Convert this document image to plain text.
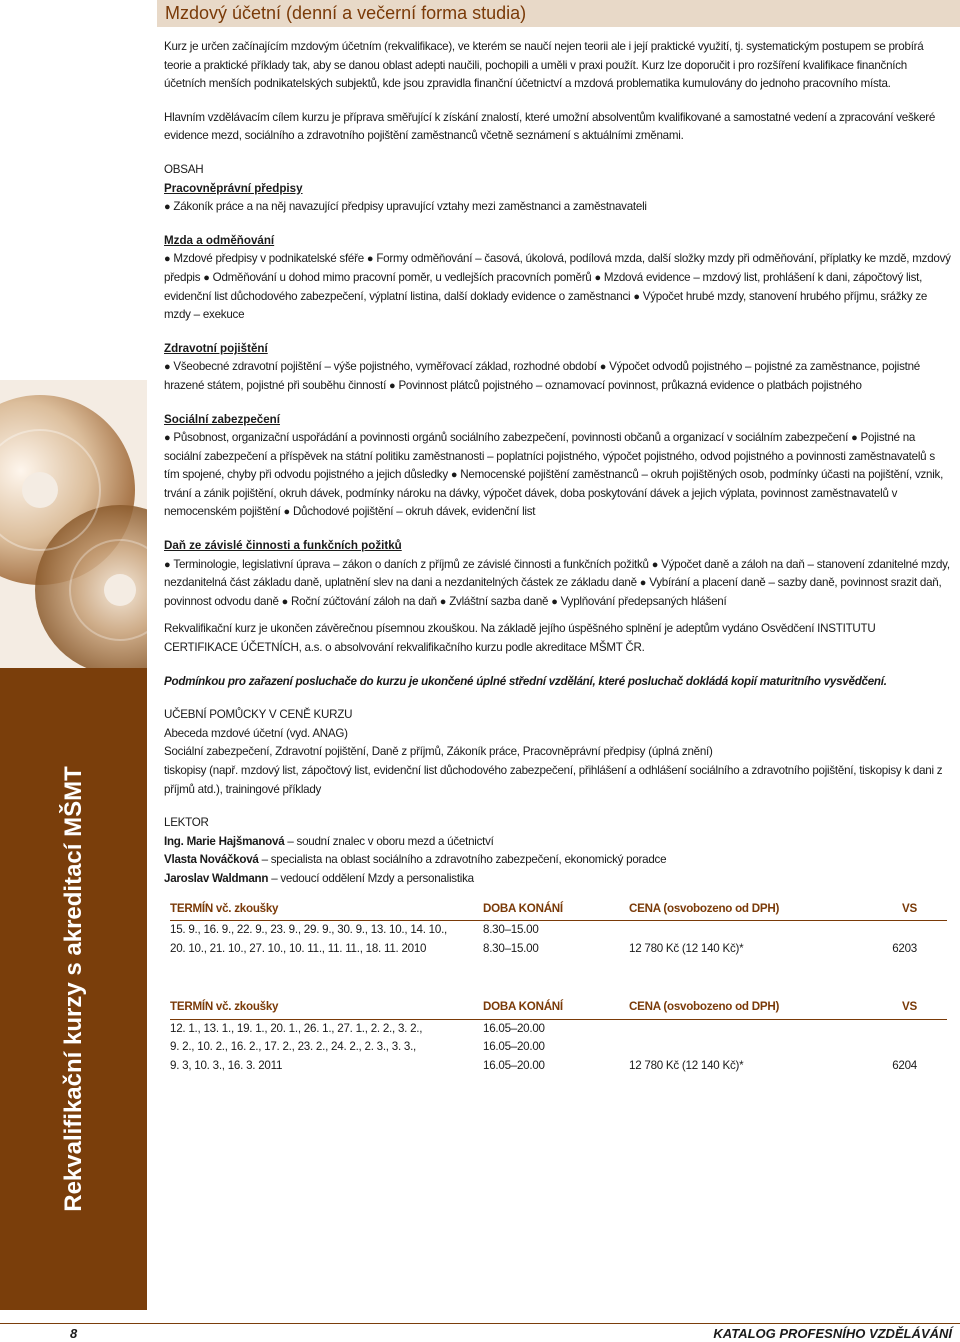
Mzdový účetní (denní a večerní forma studia)
Rekvalifikační kurzy s akreditací MŠMT

Kurz je určen začínajícím mzdovým účetním (rekvalifikace), ve kterém se naučí nejen teorii ale i její praktické využití, tj. systematickým postupem se probírá teorie a praktické příklady tak, aby se danou oblast adepti naučili, pochopili a uměli v praxi použít. Kurz lze doporučit i pro rozšíření kvalifikace finančních účetních menších podnikatelských subjektů, kde jsou zpravidla finanční účetnictví a mzdová problematika kumulovány do jednoho pracovního místa.

Hlavním vzdělávacím cílem kurzu je příprava směřující k získání znalostí, které umožní absolventům kvalifikované a samostatné vedení a zpracování veškeré evidence mezd, sociálního a zdravotního pojištění zaměstnanců včetně seznámení s aktuálními změnami.

OBSAH

Pracovněprávní předpisy

● Zákoník práce a na něj navazující předpisy upravující vztahy mezi zaměstnanci a zaměstnavateli

Mzda a odměňování

● Mzdové předpisy v podnikatelské sféře ● Formy odměňování – časová, úkolová, podílová mzda, další složky mzdy při odměňování, příplatky ke mzdě, mzdový předpis ● Odměňování u dohod mimo pracovní poměr, u vedlejších pracovních poměrů ● Mzdová evidence – mzdový list, prohlášení k dani, zápočtový list, evidenční list důchodového zabezpečení, výplatní listina, další doklady evidence o zaměstnanci ● Výpočet hrubé mzdy, stanovení hrubého příjmu, srážky ze mzdy – exekuce

Zdravotní pojištění

● Všeobecné zdravotní pojištění – výše pojistného, vyměřovací základ, rozhodné období ● Výpočet odvodů pojistného – pojistné za zaměstnance, pojistné hrazené státem, pojistné při souběhu činností ● Povinnost plátců pojistného – oznamovací povinnost, průkazná evidence o platbách pojistného

Sociální zabezpečení

● Působnost, organizační uspořádání a povinnosti orgánů sociálního zabezpečení, povinnosti občanů a organizací v sociálním zabezpečení ● Pojistné na sociální zabezpečení a příspěvek na státní politiku zaměstnanosti – poplatníci pojistného, výpočet pojistného, odvod pojistného a povinnosti zaměstnavatelů s tím spojené, chyby při odvodu pojistného a jejich důsledky ● Nemocenské pojištění zaměstnanců – okruh pojištěných osob, podmínky účasti na pojištění, vznik, trvání a zánik pojištění, okruh dávek, podmínky nároku na dávky, výpočet dávek, doba poskytování dávek a jejich výplata, povinnost zaměstnavatelů v nemocenském pojištění ● Důchodové pojištění – okruh dávek, evidenční list

Daň ze závislé činnosti a funkčních požitků

● Terminologie, legislativní úprava – zákon o daních z příjmů ze závislé činnosti a funkčních požitků ● Výpočet daně a záloh na daň – stanovení zdanitelné mzdy, nezdanitelná část základu daně, uplatnění slev na dani a nezdanitelných částek ze základu daně ● Vybírání a placení daně – sazby daně, povinnost srazit daň, povinnost odvodu daně ● Roční zúčtování záloh na daň ● Zvláštní sazba daně ● Vyplňování předepsaných hlášení

Rekvalifikační kurz je ukončen závěrečnou písemnou zkouškou. Na základě jejího úspěšného splnění je adeptům vydáno Osvědčení INSTITUTU CERTIFIKACE ÚČETNÍCH, a.s. o absolvování rekvalifikačního kurzu podle akreditace MŠMT ČR.

Podmínkou pro zařazení posluchače do kurzu je ukončené úplné střední vzdělání, které posluchač dokládá kopií maturitního vysvědčení.

UČEBNÍ POMŮCKY V CENĚ KURZU

Abeceda mzdové účetní (vyd. ANAG)

Sociální zabezpečení, Zdravotní pojištění, Daně z příjmů, Zákoník práce, Pracovněprávní předpisy (úplná znění)

tiskopisy (např. mzdový list, zápočtový list, evidenční list důchodového zabezpečení, přihlášení a odhlášení sociálního a zdravotního pojištění, tiskopisy k dani z příjmů atd.), trainingové příklady

LEKTOR

Ing. Marie Hajšmanová – soudní znalec v oboru mezd a účetnictví

Vlasta Nováčková – specialista na oblast sociálního a zdravotního zabezpečení, ekonomický poradce

Jaroslav Waldmann – vedoucí oddělení Mzdy a personalistika

TERMÍN vč. zkoušky	DOBA KONÁNÍ	CENA (osvobozeno od DPH)	VS
15. 9., 16. 9., 22. 9., 23. 9., 29. 9., 30. 9., 13. 10., 14. 10.,	8.30–15.00		
20. 10., 21. 10., 27. 10., 10. 11., 11. 11., 18. 11. 2010	8.30–15.00	12 780 Kč (12 140 Kč)*	6203
TERMÍN vč. zkoušky	DOBA KONÁNÍ	CENA (osvobozeno od DPH)	VS
12. 1., 13. 1., 19. 1., 20. 1., 26. 1., 27. 1., 2. 2., 3. 2.,	16.05–20.00		
9. 2., 10. 2., 16. 2., 17. 2., 23. 2., 24. 2., 2. 3., 3. 3.,	16.05–20.00		
9. 3, 10. 3., 16. 3. 2011	16.05–20.00	12 780 Kč (12 140 Kč)*	6204
8	KATALOG PROFESNÍHO VZDĚLÁVÁNÍ
